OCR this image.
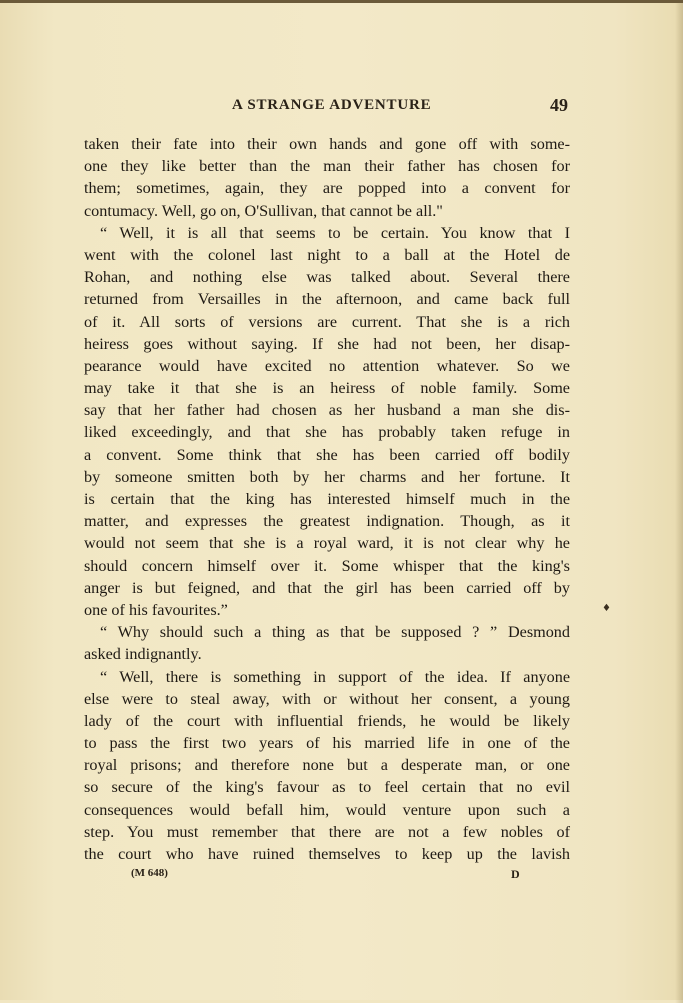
A STRANGE ADVENTURE	49
taken their fate into their own hands and gone off with some-
one they like better than the man their father has chosen for
them; sometimes, again, they are popped into a convent for
contumacy. Well, go on, O'Sullivan, that cannot be all."
“ Well, it is all that seems to be certain. You know that I
went with the colonel last night to a ball at the Hotel de
Rohan, and nothing else was talked about. Several there
returned from Versailles in the afternoon, and came back full
of it. All sorts of versions are current. That she is a rich
heiress goes without saying. If she had not been, her disap-
pearance would have excited no attention whatever. So we
may take it that she is an heiress of noble family. Some
say that her father had chosen as her husband a man she dis-
liked exceedingly, and that she has probably taken refuge in
a convent. Some think that she has been carried off bodily
by someone smitten both by her charms and her fortune. It
is certain that the king has interested himself much in the
matter, and expresses the greatest indignation. Though, as it
would not seem that she is a royal ward, it is not clear why he
should concern himself over it. Some whisper that the king's
anger is but feigned, and that the girl has been carried off by
one of his favourites.”
“ Why should such a thing as that be supposed ? ” Desmond
asked indignantly.
“ Well, there is something in support of the idea. If anyone
else were to steal away, with or without her consent, a young
lady of the court with influential friends, he would be likely
to pass the first two years of his married life in one of the
royal prisons; and therefore none but a desperate man, or one
so secure of the king's favour as to feel certain that no evil
consequences would befall him, would venture upon such a
step. You must remember that there are not a few nobles of
the court who have ruined themselves to keep up the lavish
♦
(M 648)	D
